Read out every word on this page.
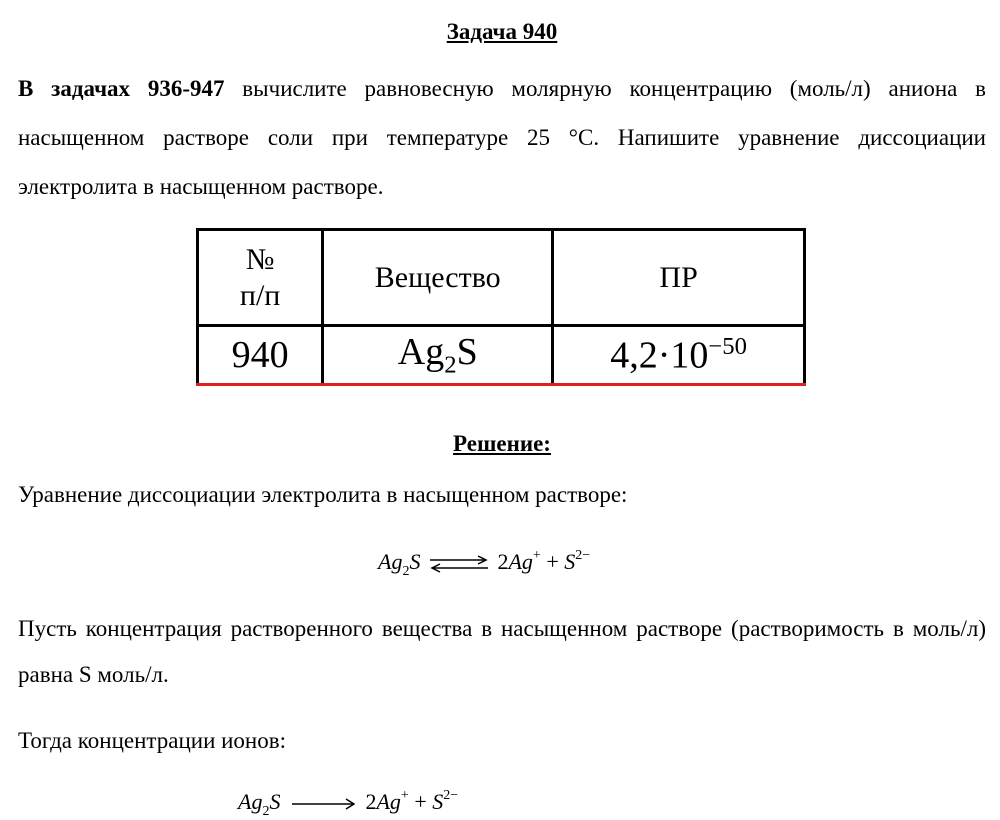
Задача 940
В задачах 936-947 вычислите равновесную молярную концентрацию (моль/л) аниона в насыщенном растворе соли при температуре 25 °С. Напишите уравнение диссоциации электролита в насыщенном растворе.
№
п/п	Вещество	ПР
940	$Ag_2S$	$4,2\cdot 10^{-50}$
Решение:
Уравнение диссоциации электролита в насыщенном растворе:
$Ag_2S$ ⇌ $2Ag^+ + S^{2-}$
Пусть концентрация растворенного вещества в насыщенном растворе (растворимость в моль/л) равна S моль/л.
Тогда концентрации ионов:
$Ag_2S$	$2Ag^+ + S^{2-}$
